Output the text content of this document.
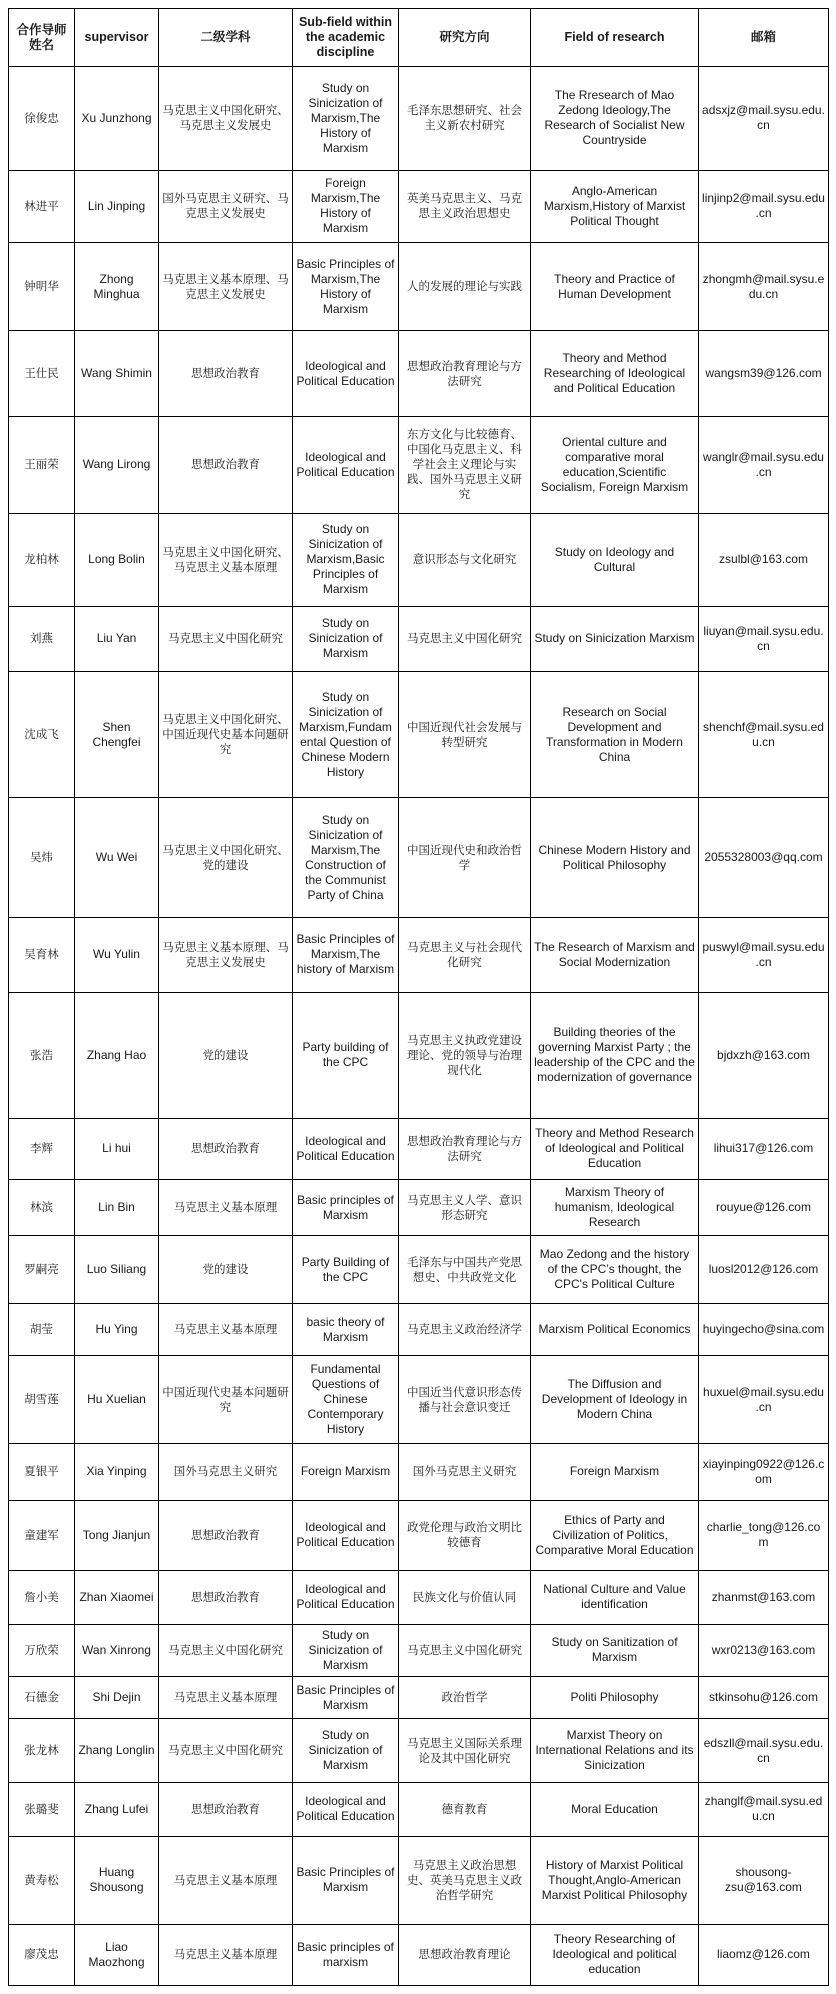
合作导师姓名	supervisor	二级学科	Sub-field within the academic discipline	研究方向	Field of research	邮箱
徐俊忠	Xu Junzhong	马克思主义中国化研究、马克思主义发展史	Study on Sinicization of Marxism,The History of Marxism	毛泽东思想研究、社会主义新农村研究	The Rresearch of Mao Zedong Ideology,The Research of Socialist New Countryside	adsxjz@mail.sysu.edu.cn
林进平	Lin Jinping	国外马克思主义研究、马克思主义发展史	Foreign Marxism,The History of Marxism	英美马克思主义、马克思主义政治思想史	Anglo-American Marxism,History of Marxist Political Thought	linjinp2@mail.sysu.edu.cn
钟明华	Zhong Minghua	马克思主义基本原理、马克思主义发展史	Basic Principles of Marxism,The History of Marxism	人的发展的理论与实践	Theory and Practice of Human Development	zhongmh@mail.sysu.edu.cn
王仕民	Wang Shimin	思想政治教育	Ideological and Political Education	思想政治教育理论与方法研究	Theory and Method Researching of Ideological and Political Education	wangsm39@126.com
王丽荣	Wang Lirong	思想政治教育	Ideological and Political Education	东方文化与比较德育、中国化马克思主义、科学社会主义理论与实践、国外马克思主义研究	Oriental culture and comparative moral education,Scientific Socialism, Foreign Marxism	wanglr@mail.sysu.edu.cn
龙柏林	Long Bolin	马克思主义中国化研究、马克思主义基本原理	Study on Sinicization of Marxism,Basic Principles of Marxism	意识形态与文化研究	Study on Ideology and Cultural	zsulbl@163.com
刘燕	Liu Yan	马克思主义中国化研究	Study on Sinicization of Marxism	马克思主义中国化研究	Study on Sinicization Marxism	liuyan@mail.sysu.edu.cn
沈成飞	Shen Chengfei	马克思主义中国化研究、中国近现代史基本问题研究	Study on Sinicization of Marxism,Fundamental Question of Chinese Modern History	中国近现代社会发展与转型研究	Research on Social Development and Transformation in Modern China	shenchf@mail.sysu.edu.cn
吴炜	Wu Wei	马克思主义中国化研究、党的建设	Study on Sinicization of Marxism,The Construction of the Communist Party of China	中国近现代史和政治哲学	Chinese Modern History and Political Philosophy	2055328003@qq.com
吴育林	Wu Yulin	马克思主义基本原理、马克思主义发展史	Basic Principles of Marxism,The history of Marxism	马克思主义与社会现代化研究	The Research of Marxism and Social Modernization	puswyl@mail.sysu.edu.cn
张浩	Zhang Hao	党的建设	Party building of the CPC	马克思主义执政党建设理论、党的领导与治理现代化	Building theories of the governing Marxist Party ; the leadership of the CPC and the modernization of governance	bjdxzh@163.com
李辉	Li hui	思想政治教育	Ideological and Political Education	思想政治教育理论与方法研究	Theory and Method Research of Ideological and Political Education	lihui317@126.com
林滨	Lin Bin	马克思主义基本原理	Basic principles of Marxism	马克思主义人学、意识形态研究	Marxism Theory of humanism, Ideological Research	rouyue@126.com
罗嗣亮	Luo Siliang	党的建设	Party Building of the CPC	毛泽东与中国共产党思想史、中共政党文化	Mao Zedong and the history of the CPC’s thought, the CPC's Political Culture	luosl2012@126.com
胡莹	Hu Ying	马克思主义基本原理	basic theory of Marxism	马克思主义政治经济学	Marxism Political Economics	huyingecho@sina.com
胡雪莲	Hu Xuelian	中国近现代史基本问题研究	Fundamental Questions of Chinese Contemporary History	中国近当代意识形态传播与社会意识变迁	The Diffusion and Development of Ideology in Modern China	huxuel@mail.sysu.edu.cn
夏银平	Xia Yinping	国外马克思主义研究	Foreign Marxism	国外马克思主义研究	Foreign Marxism	xiayinping0922@126.com
童建军	Tong Jianjun	思想政治教育	Ideological and Political Education	政党伦理与政治文明比较德育	Ethics of Party and Civilization of Politics，Comparative Moral Education	charlie_tong@126.com
詹小美	Zhan Xiaomei	思想政治教育	Ideological and Political Education	民族文化与价值认同	National Culture and Value identification	zhanmst@163.com
万欣荣	Wan Xinrong	马克思主义中国化研究	Study on Sinicization of Marxism	马克思主义中国化研究	Study on Sanitization of Marxism	wxr0213@163.com
石德金	Shi Dejin	马克思主义基本原理	Basic Principles of Marxism	政治哲学	Politi Philosophy	stkinsohu@126.com
张龙林	Zhang Longlin	马克思主义中国化研究	Study on Sinicization of Marxism	马克思主义国际关系理论及其中国化研究	Marxist Theory on International Relations and its Sinicization	edszll@mail.sysu.edu.cn
张璐斐	Zhang Lufei	思想政治教育	Ideological and Political Education	德育教育	Moral Education	zhanglf@mail.sysu.edu.cn
黄寿松	Huang Shousong	马克思主义基本原理	Basic Principles of Marxism	马克思主义政治思想史、英美马克思主义政治哲学研究	History of Marxist Political Thought,Anglo-American Marxist Political Philosophy	shousong-zsu@163.com
廖茂忠	Liao Maozhong	马克思主义基本原理	Basic principles of marxism	思想政治教育理论	Theory Researching of Ideological and political education	liaomz@126.com
